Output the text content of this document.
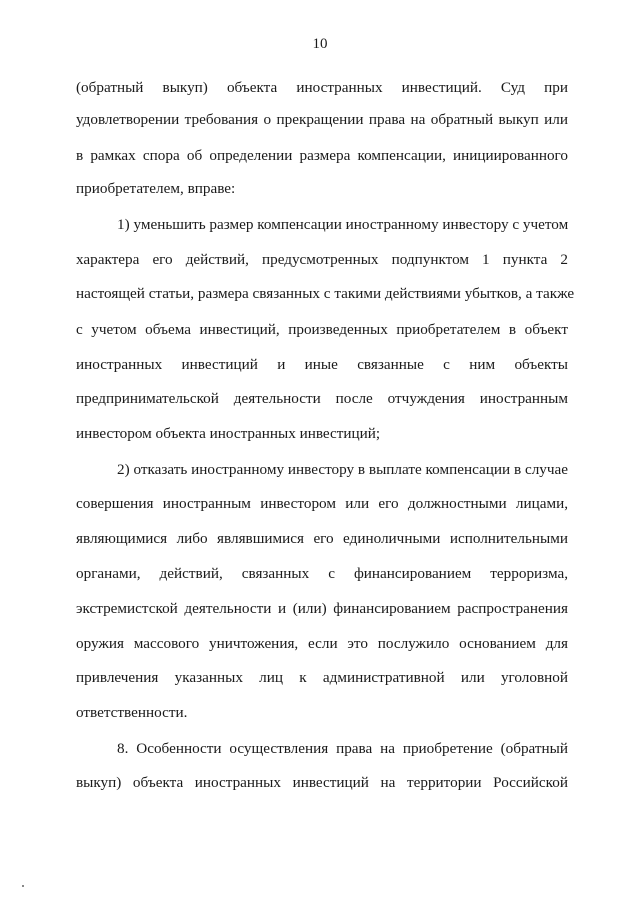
10
(обратный выкуп) объекта иностранных инвестиций. Суд при
удовлетворении требования о прекращении права на обратный выкуп или
в рамках спора об определении размера компенсации, инициированного
приобретателем, вправе:
1) уменьшить размер компенсации иностранному инвестору с учетом
характера его действий, предусмотренных подпунктом 1 пункта 2
настоящей статьи, размера связанных с такими действиями убытков, а также
с учетом объема инвестиций, произведенных приобретателем в объект
иностранных инвестиций и иные связанные с ним объекты
предпринимательской деятельности после отчуждения иностранным
инвестором объекта иностранных инвестиций;
2) отказать иностранному инвестору в выплате компенсации в случае
совершения иностранным инвестором или его должностными лицами,
являющимися либо являвшимися его единоличными исполнительными
органами, действий, связанных с финансированием терроризма,
экстремистской деятельности и (или) финансированием распространения
оружия массового уничтожения, если это послужило основанием для
привлечения указанных лиц к административной или уголовной
ответственности.
8. Особенности осуществления права на приобретение (обратный
выкуп) объекта иностранных инвестиций на территории Российской
